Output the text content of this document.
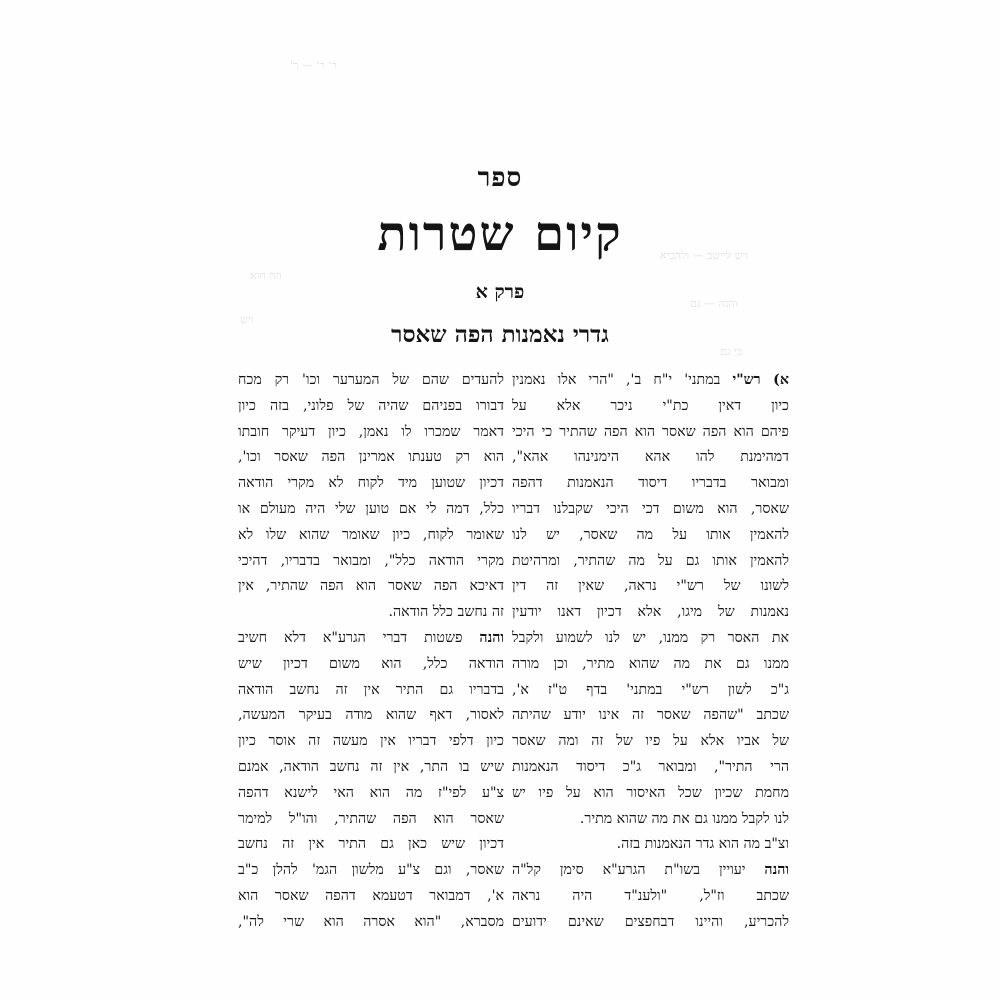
ר' ר' — ר'
ויש ליישב — ולהביא
וזה הוא
והנה — גם
ויש
כי גם
ספר
קיום שטרות
פרק א
גדרי נאמנות הפה שאסר
א) רש"י במתני' י"ח ב', "הרי אלו נאמנין
כיון דאין כת"י ניכר אלא על
פיהם הוא הפה שאסר הוא הפה שהתיר כי היכי
דמהימנת להו אהא הימנינהו אהא",
ומבואר בדבריו דיסוד הנאמנות דהפה
שאסר, הוא משום דכי היכי שקבלנו דבריו
להאמין אותו על מה שאסר, יש לנו
להאמין אותו גם על מה שהתיר, ומרהיטת
לשונו של רש"י נראה, שאין זה דין
נאמנות של מיגו, אלא דכיון דאנו יודעין
את האסר רק ממנו, יש לנו לשמוע ולקבל
ממנו גם את מה שהוא מתיר, וכן מורה
ג"כ לשון רש"י במתני' בדף ט"ז א',
שכתב "שהפה שאסר זה אינו יודע שהיתה
של אביו אלא על פיו של זה ומה שאסר
הרי התיר", ומבואר ג"כ דיסוד הנאמנות
מחמת שכיון שכל האיסור הוא על פיו יש
לנו לקבל ממנו גם את מה שהוא מתיר.
וצ"ב מה הוא גדר הנאמנות בזה.
והנה יעויין בשו"ת הגרע"א סימן קל"ה
שכתב וז"ל, "ולענ"ד היה נראה
להכריע, והיינו דבחפצים שאינם ידועים
להעדים שהם של המערער וכו' רק מכח
דבורו בפניהם שהיה של פלוני, בזה כיון
דאמר שמכרו לו נאמן, כיון דעיקר חובתו
הוא רק טענתו אמרינן הפה שאסר וכו',
דכיון שטוען מיד לקוח לא מקרי הודאה
כלל, דמה לי אם טוען שלי היה מעולם או
שאומר לקוח, כיון שאומר שהוא שלו לא
מקרי הודאה כלל", ומבואר בדבריו, דהיכי
דאיכא הפה שאסר הוא הפה שהתיר, אין
זה נחשב כלל הודאה.
והנה פשטות דברי הגרע"א דלא חשיב
הודאה כלל, הוא משום דכיון שיש
בדבריו גם התיר אין זה נחשב הודאה
לאסור, דאף שהוא מודה בעיקר המעשה,
כיון דלפי דבריו אין מעשה זה אוסר כיון
שיש בו התר, אין זה נחשב הודאה, אמנם
צ"ע לפי"ז מה הוא האי לישנא דהפה
שאסר הוא הפה שהתיר, והו"ל למימר
דכיון שיש כאן גם התיר אין זה נחשב
שאסר, וגם צ"ע מלשון הגמ' להלן כ"ב
א', דמבואר דטעמא דהפה שאסר הוא
מסברא, "הוא אסרה הוא שרי לה",
